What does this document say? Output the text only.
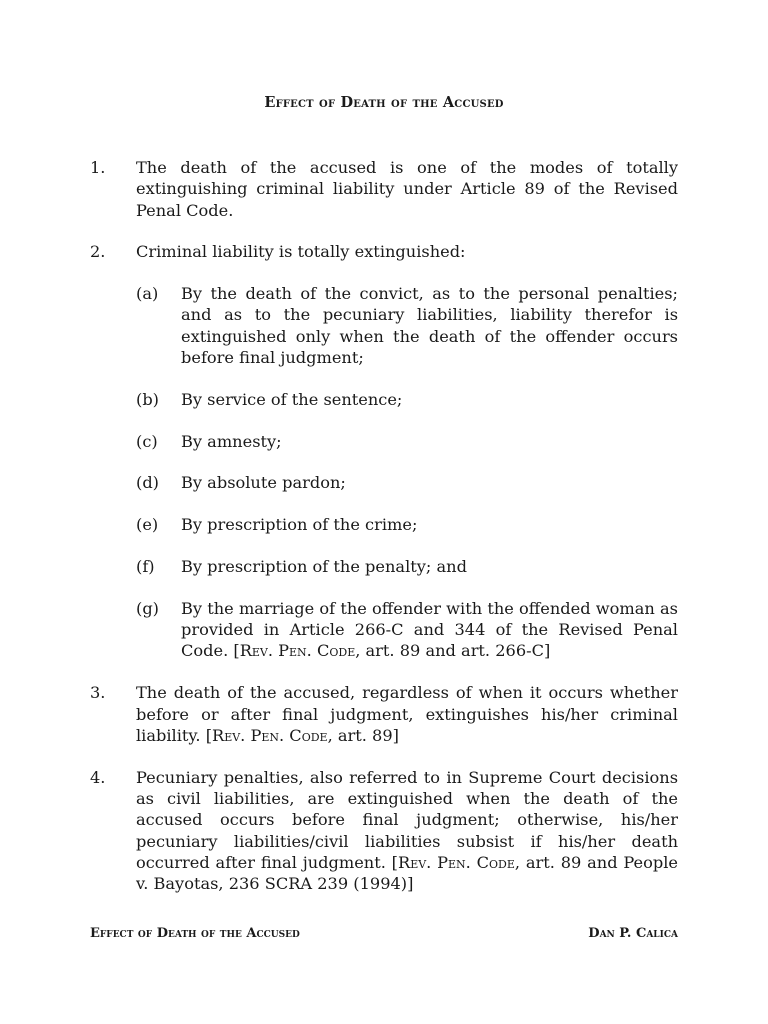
Effect of Death of the Accused
1.	The death of the accused is one of the modes of totally extinguishing criminal liability under Article 89 of the Revised Penal Code.
2.	Criminal liability is totally extinguished:
(a)	By the death of the convict, as to the personal penalties; and as to the pecuniary liabilities, liability therefor is extinguished only when the death of the offender occurs before final judgment;
(b)	By service of the sentence;
(c)	By amnesty;
(d)	By absolute pardon;
(e)	By prescription of the crime;
(f)	By prescription of the penalty; and
(g)	By the marriage of the offender with the offended woman as provided in Article 266-C and 344 of the Revised Penal Code. [Rev. Pen. Code, art. 89 and art. 266-C]
3.	The death of the accused, regardless of when it occurs whether before or after final judgment, extinguishes his/her criminal liability. [Rev. Pen. Code, art. 89]
4.	Pecuniary penalties, also referred to in Supreme Court decisions as civil liabilities, are extinguished when the death of the accused occurs before final judgment; otherwise, his/her pecuniary liabilities/civil liabilities subsist if his/her death occurred after final judgment. [Rev. Pen. Code, art. 89 and People v. Bayotas, 236 SCRA 239 (1994)]
Effect of Death of the Accused	Dan P. Calica
